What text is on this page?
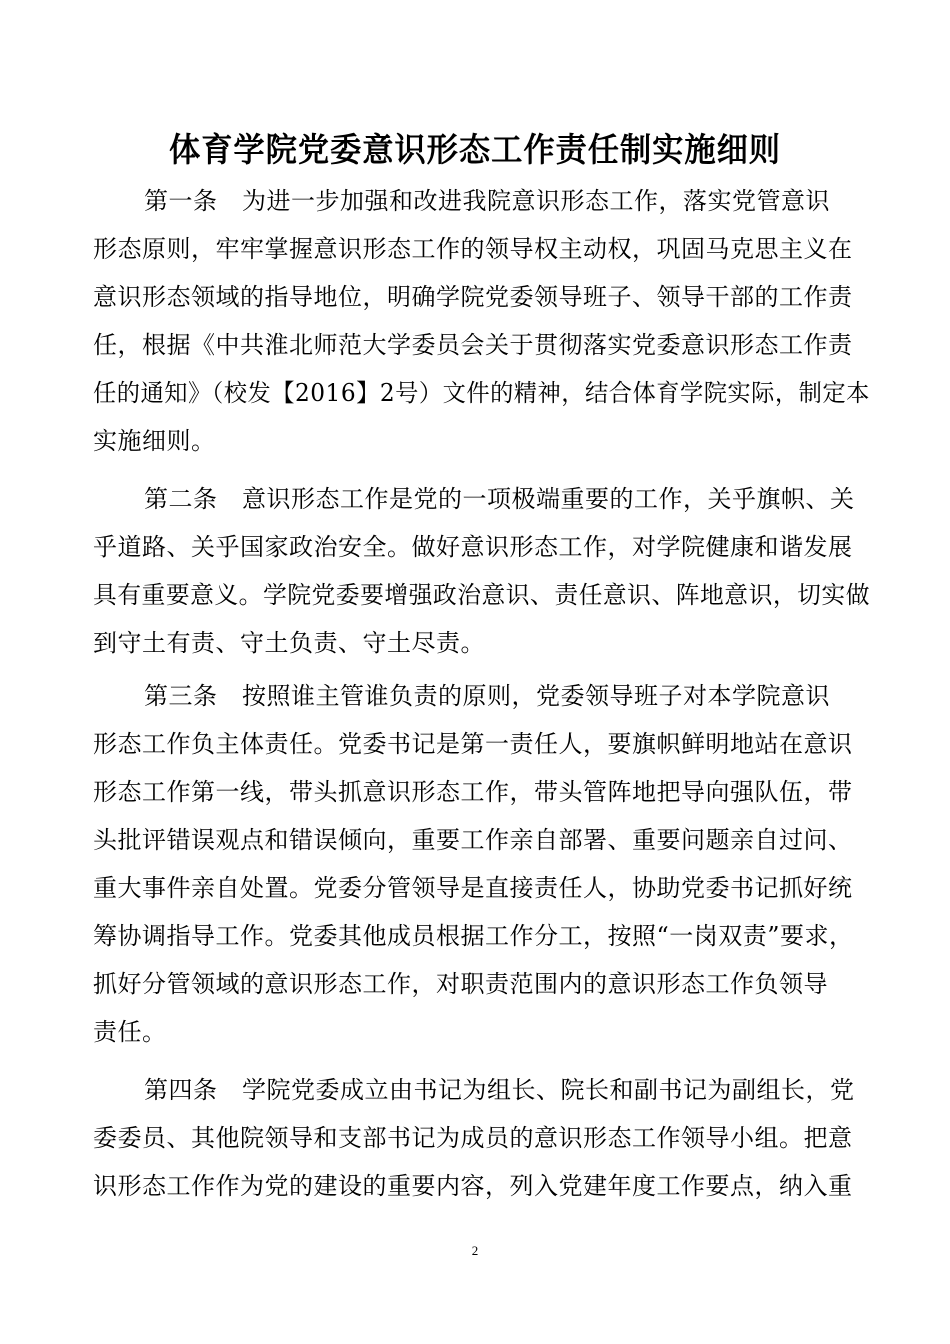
体育学院党委意识形态工作责任制实施细则
第一条　为进一步加强和改进我院意识形态工作，落实党管意识
形态原则，牢牢掌握意识形态工作的领导权主动权，巩固马克思主义在
意识形态领域的指导地位，明确学院党委领导班子、领导干部的工作责
任，根据《中共淮北师范大学委员会关于贯彻落实党委意识形态工作责
任的通知》（校发【2016】2号）文件的精神，结合体育学院实际，制定本
实施细则。
第二条　意识形态工作是党的一项极端重要的工作，关乎旗帜、关
乎道路、关乎国家政治安全。做好意识形态工作，对学院健康和谐发展
具有重要意义。学院党委要增强政治意识、责任意识、阵地意识，切实做
到守土有责、守土负责、守土尽责。
第三条　按照谁主管谁负责的原则，党委领导班子对本学院意识
形态工作负主体责任。党委书记是第一责任人，要旗帜鲜明地站在意识
形态工作第一线，带头抓意识形态工作，带头管阵地把导向强队伍，带
头批评错误观点和错误倾向，重要工作亲自部署、重要问题亲自过问、
重大事件亲自处置。党委分管领导是直接责任人，协助党委书记抓好统
筹协调指导工作。党委其他成员根据工作分工，按照“一岗双责”要求，
抓好分管领域的意识形态工作，对职责范围内的意识形态工作负领导
责任。
第四条　学院党委成立由书记为组长、院长和副书记为副组长，党
委委员、其他院领导和支部书记为成员的意识形态工作领导小组。把意
识形态工作作为党的建设的重要内容，列入党建年度工作要点，纳入重
2
